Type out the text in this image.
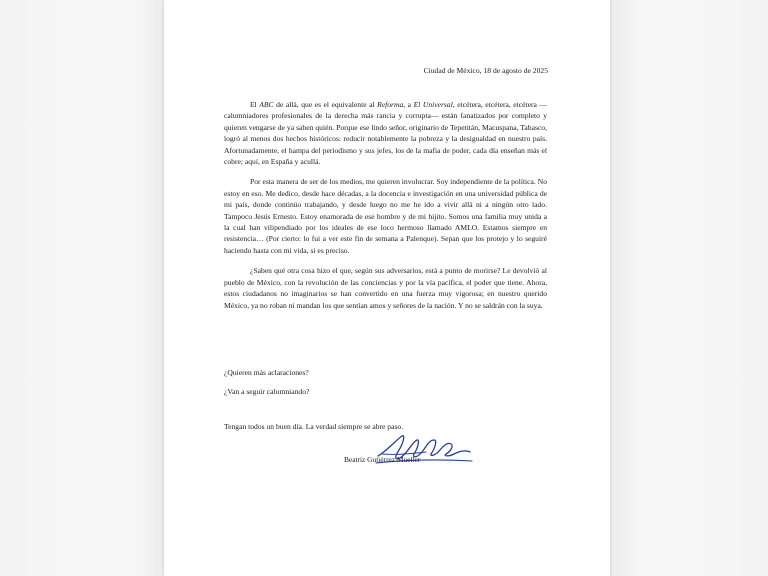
Ciudad de México, 18 de agosto de 2025

El ABC de allá, que es el equivalente al Reforma, a El Universal, etcétera, etcétera, etcétera —calumniadores profesionales de la derecha más rancia y corrupta— están fanatizados por completo y quieren vengarse de ya saben quién. Porque ese lindo señor, originario de Tepetitán, Macuspana, Tabasco, logró al menos dos hechos históricos: reducir notablemente la pobreza y la desigualdad en nuestro país. Afortunadamente, el hampa del periodismo y sus jefes, los de la mafia de poder, cada día enseñan más el cobre; aquí, en España y acullá.

Por esta manera de ser de los medios, me quieren involucrar. Soy independiente de la política. No estoy en eso. Me dedico, desde hace décadas, a la docencia e investigación en una universidad pública de mi país, donde continúo trabajando, y desde luego no me he ido a vivir allá ni a ningún otro lado. Tampoco Jesús Ernesto. Estoy enamorada de ese hombre y de mi hijito. Somos una familia muy unida a la cual han vilipendiado por los ideales de ese loco hermoso llamado AMLO. Estamos siempre en resistencia… (Por cierto: lo fui a ver este fin de semana a Palenque). Sepan que los protejo y lo seguiré haciendo hasta con mi vida, si es preciso.

¿Saben qué otra cosa hizo el que, según sus adversarios, está a punto de morirse? Le devolvió al pueblo de México, con la revolución de las conciencias y por la vía pacífica, el poder que tiene. Ahora, estos ciudadanos no imaginarios se han convertido en una fuerza muy vigorosa; en nuestro querido México, ya no roban ni mandan los que sentían amos y señores de la nación. Y no se saldrán con la suya.

¿Quieren más aclaraciones?
¿Van a seguir calumniando?
Tengan todos un buen día. La verdad siempre se abre paso.
Beatriz Gutiérrez Mueller
